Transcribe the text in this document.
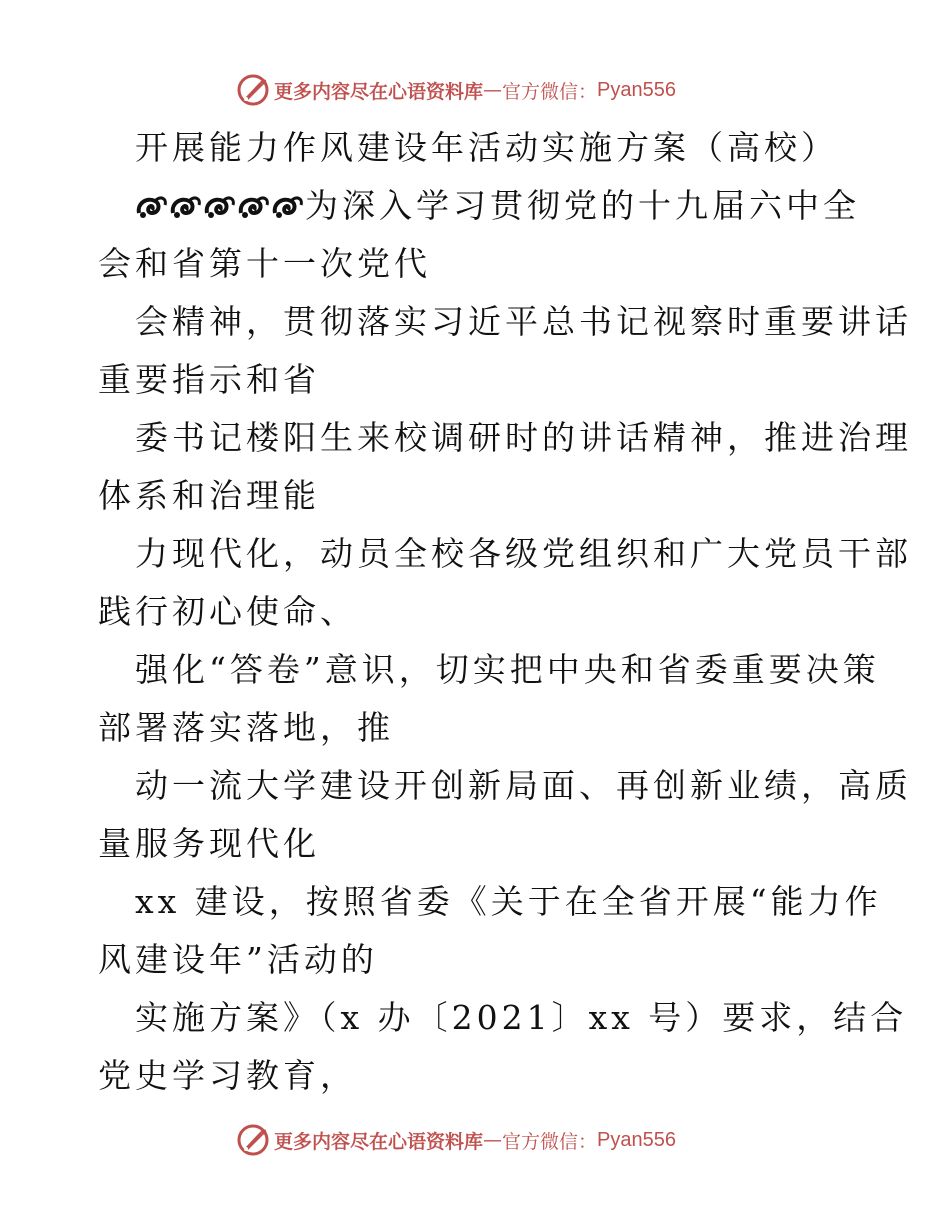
更多内容尽在心语资料库 — 官方微信： Pyan556
开展能力作风建设年活动实施方案（高校）
为深入学习贯彻党的十九届六中全
会和省第十一次党代
会精神，贯彻落实习近平总书记视察时重要讲话
重要指示和省
委书记楼阳生来校调研时的讲话精神，推进治理
体系和治理能
力现代化，动员全校各级党组织和广大党员干部
践行初心使命、
强化“答卷”意识，切实把中央和省委重要决策
部署落实落地，推
动一流大学建设开创新局面、再创新业绩，高质
量服务现代化
xx 建设，按照省委《关于在全省开展“能力作
风建设年”活动的
实施方案》（x 办〔2021〕xx 号）要求，结合
党史学习教育，
更多内容尽在心语资料库 — 官方微信： Pyan556
